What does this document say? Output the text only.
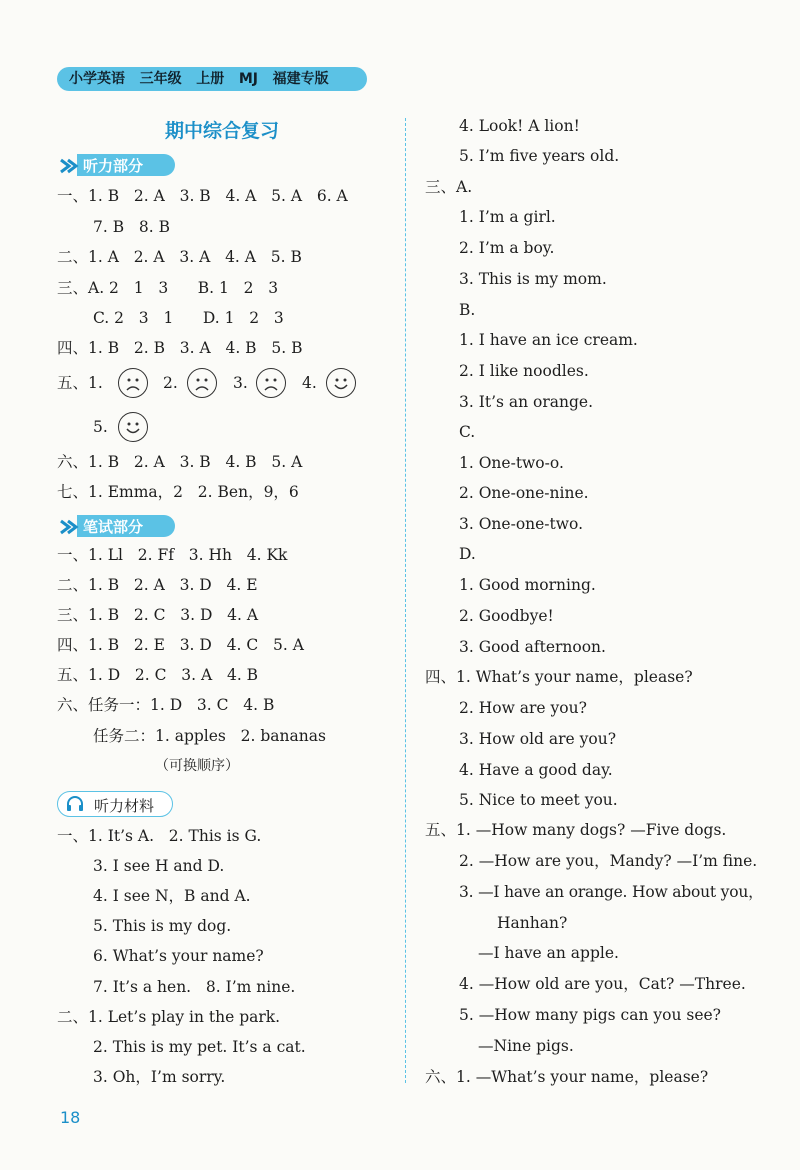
小学英语   三年级   上册   MJ   福建专版
期中综合复习
听力部分
一、1. B   2. A   3. B   4. A   5. A   6. A
7. B   8. B
二、1. A   2. A   3. A   4. A   5. B
三、A. 2   1   3      B. 1   2   3
C. 2   3   1      D. 1   2   3
四、1. B   2. B   3. A   4. B   5. B
五、1.	2.	3.	4.
5.
六、1. B   2. A   3. B   4. B   5. A
七、1. Emma，2   2. Ben，9，6
笔试部分
一、1. Ll   2. Ff   3. Hh   4. Kk
二、1. B   2. A   3. D   4. E
三、1. B   2. C   3. D   4. A
四、1. B   2. E   3. D   4. C   5. A
五、1. D   2. C   3. A   4. B
六、任务一：1. D   3. C   4. B
任务二：1. apples   2. bananas
（可换顺序）
听力材料
一、1. It’s A.   2. This is G.
3. I see H and D.
4. I see N，B and A.
5. This is my dog.
6. What’s your name?
7. It’s a hen.   8. I’m nine.
二、1. Let’s play in the park.
2. This is my pet. It’s a cat.
3. Oh，I’m sorry.
4. Look! A lion!
5. I’m five years old.
三、A.
1. I’m a girl.
2. I’m a boy.
3. This is my mom.
B.
1. I have an ice cream.
2. I like noodles.
3. It’s an orange.
C.
1. One-two-o.
2. One-one-nine.
3. One-one-two.
D.
1. Good morning.
2. Goodbye!
3. Good afternoon.
四、1. What’s your name，please?
2. How are you?
3. How old are you?
4. Have a good day.
5. Nice to meet you.
五、1. —How many dogs? —Five dogs.
2. —How are you，Mandy? —I’m fine.
3. —I have an orange. How about you，
Hanhan?
—I have an apple.
4. —How old are you，Cat? —Three.
5. —How many pigs can you see?
—Nine pigs.
六、1. —What’s your name，please?
18
